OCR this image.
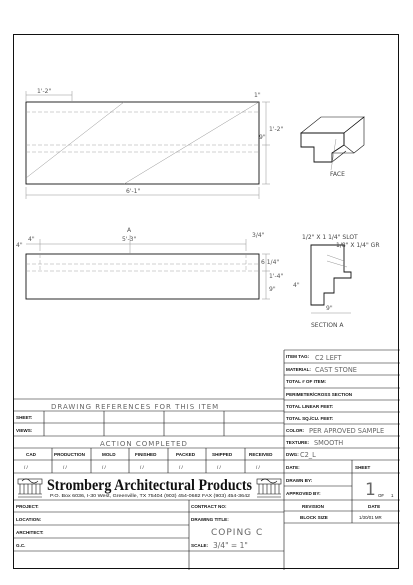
1'-2"
1"
1'-2"
9"
6'-1"
FACE
4"
A
5'-3"
3/4"
6 1/4"
1'-4"
9"
4"
1/2" X 1 1/4" SLOT
1/8" X 1/4" GR
4"
9"
SECTION A
ITEM TAG: C2 LEFT
MATERIAL: CAST STONE
TOTAL # OF ITEM:
PERIMETER/CROSS SECTION
TOTAL LINEAR FEET:
TOTAL SQ./CU. FEET:
COLOR: PER APROVED SAMPLE
TEXTURE: SMOOTH
DRAWING REFERENCES FOR THIS ITEM
SHEET:
VIEWS:
ACTION COMPLETED
CAD	PRODUCTION	MOLD	FINISHED	PACKED	SHIPPED	RECEIVED
/ /	/ /	/ /	/ /	/ /	/ /	/ /
DWG: C2_L
DATE:	SHEET
DRAWN BY:
APPROVED BY:	1 OF 1
REVISION	DATE
BLOCK SIZE	1/30/01 MR
Stromberg Architectural Products
P.O. Box 6036, I-30 West, Greenville, TX 75404 (903) 454-0682 FAX (903) 454-3642
PROJECT:	CONTRACT NO:
LOCATION:	DRAWING TITLE:
COPING C
ARCHITECT:
G.C.	SCALE: 3/4" = 1"
